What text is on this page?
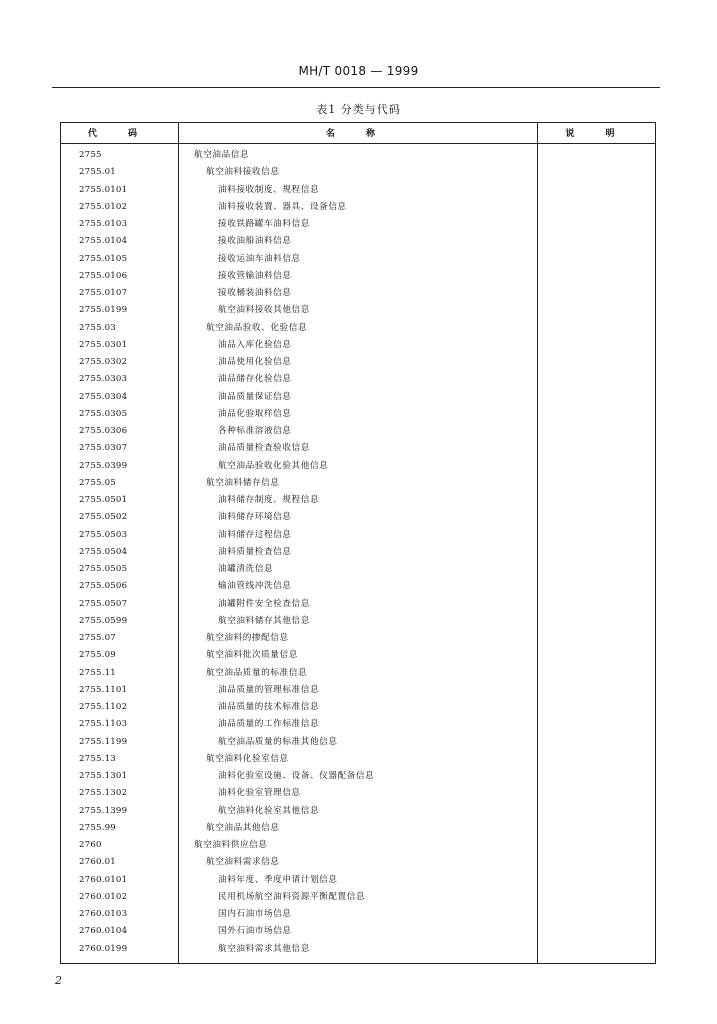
MH/T 0018 — 1999
表1 分类与代码
代 码	名 称	说 明
2755	航空油品信息
2755.01	航空油料接收信息
2755.0101	油料接收制度、规程信息
2755.0102	油料接收装置、器具、设备信息
2755.0103	接收铁路罐车油料信息
2755.0104	接收油船油料信息
2755.0105	接收运油车油料信息
2755.0106	接收管输油料信息
2755.0107	接收桶装油料信息
2755.0199	航空油料接收其他信息
2755.03	航空油品验收、化验信息
2755.0301	油品入库化验信息
2755.0302	油品使用化验信息
2755.0303	油品储存化验信息
2755.0304	油品质量保证信息
2755.0305	油品化验取样信息
2755.0306	各种标准溶液信息
2755.0307	油品质量检查验收信息
2755.0399	航空油品验收化验其他信息
2755.05	航空油料储存信息
2755.0501	油料储存制度、规程信息
2755.0502	油料储存环境信息
2755.0503	油料储存过程信息
2755.0504	油料质量检查信息
2755.0505	油罐清洗信息
2755.0506	输油管线冲洗信息
2755.0507	油罐附件安全检查信息
2755.0599	航空油料储存其他信息
2755.07	航空油料的掺配信息
2755.09	航空油料批次质量信息
2755.11	航空油品质量的标准信息
2755.1101	油品质量的管理标准信息
2755.1102	油品质量的技术标准信息
2755.1103	油品质量的工作标准信息
2755.1199	航空油品质量的标准其他信息
2755.13	航空油料化验室信息
2755.1301	油料化验室设施、设备、仪器配备信息
2755.1302	油料化验室管理信息
2755.1399	航空油料化验室其他信息
2755.99	航空油品其他信息
2760	航空油料供应信息
2760.01	航空油料需求信息
2760.0101	油料年度、季度申请计划信息
2760.0102	民用机场航空油料资源平衡配置信息
2760.0103	国内石油市场信息
2760.0104	国外石油市场信息
2760.0199	航空油料需求其他信息
2
